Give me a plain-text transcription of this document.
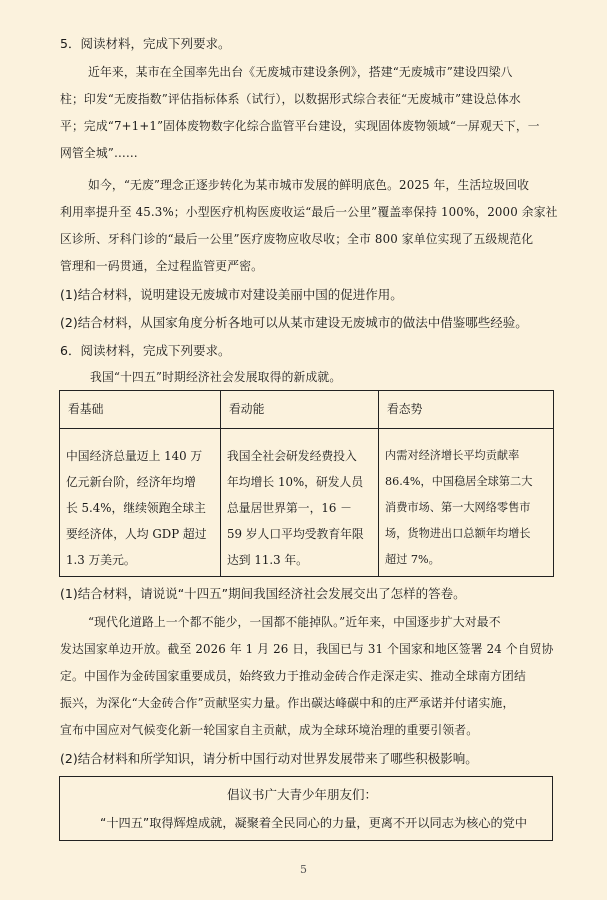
5．阅读材料，完成下列要求。
近年来，某市在全国率先出台《无废城市建设条例》，搭建“无废城市”建设四梁八
柱；印发“无废指数”评估指标体系（试行），以数据形式综合表征“无废城市”建设总体水
平；完成“7+1+1”固体废物数字化综合监管平台建设，实现固体废物领域“一屏观天下，一
网管全城”……
如今，“无废”理念正逐步转化为某市城市发展的鲜明底色。2025 年，生活垃圾回收
利用率提升至 45.3%；小型医疗机构医废收运“最后一公里”覆盖率保持 100%，2000 余家社
区诊所、牙科门诊的“最后一公里”医疗废物应收尽收；全市 800 家单位实现了五级规范化
管理和一码贯通，全过程监管更严密。
(1)结合材料，说明建设无废城市对建设美丽中国的促进作用。
(2)结合材料，从国家角度分析各地可以从某市建设无废城市的做法中借鉴哪些经验。
6．阅读材料，完成下列要求。
我国“十四五”时期经济社会发展取得的新成就。
看基础	看动能	看态势

中国经济总量迈上 140 万
亿元新台阶，经济年均增
长 5.4%，继续领跑全球主
要经济体，人均 GDP 超过
1.3 万美元。	我国全社会研发经费投入
年均增长 10%，研发人员
总量居世界第一，16 －
59 岁人口平均受教育年限
达到 11.3 年。	内需对经济增长平均贡献率
86.4%，中国稳居全球第二大
消费市场、第一大网络零售市
场，货物进出口总额年均增长
超过 7%。
(1)结合材料，请说说“十四五”期间我国经济社会发展交出了怎样的答卷。
“现代化道路上一个都不能少，一国都不能掉队。”近年来，中国逐步扩大对最不
发达国家单边开放。截至 2026 年 1 月 26 日，我国已与 31 个国家和地区签署 24 个自贸协
定。中国作为金砖国家重要成员，始终致力于推动金砖合作走深走实、推动全球南方团结
振兴，为深化“大金砖合作”贡献坚实力量。作出碳达峰碳中和的庄严承诺并付诸实施，
宣布中国应对气候变化新一轮国家自主贡献，成为全球环境治理的重要引领者。
(2)结合材料和所学知识，请分析中国行动对世界发展带来了哪些积极影响。
倡议书广大青少年朋友们：
“十四五”取得辉煌成就，凝聚着全民同心的力量，更离不开以同志为核心的党中
5
